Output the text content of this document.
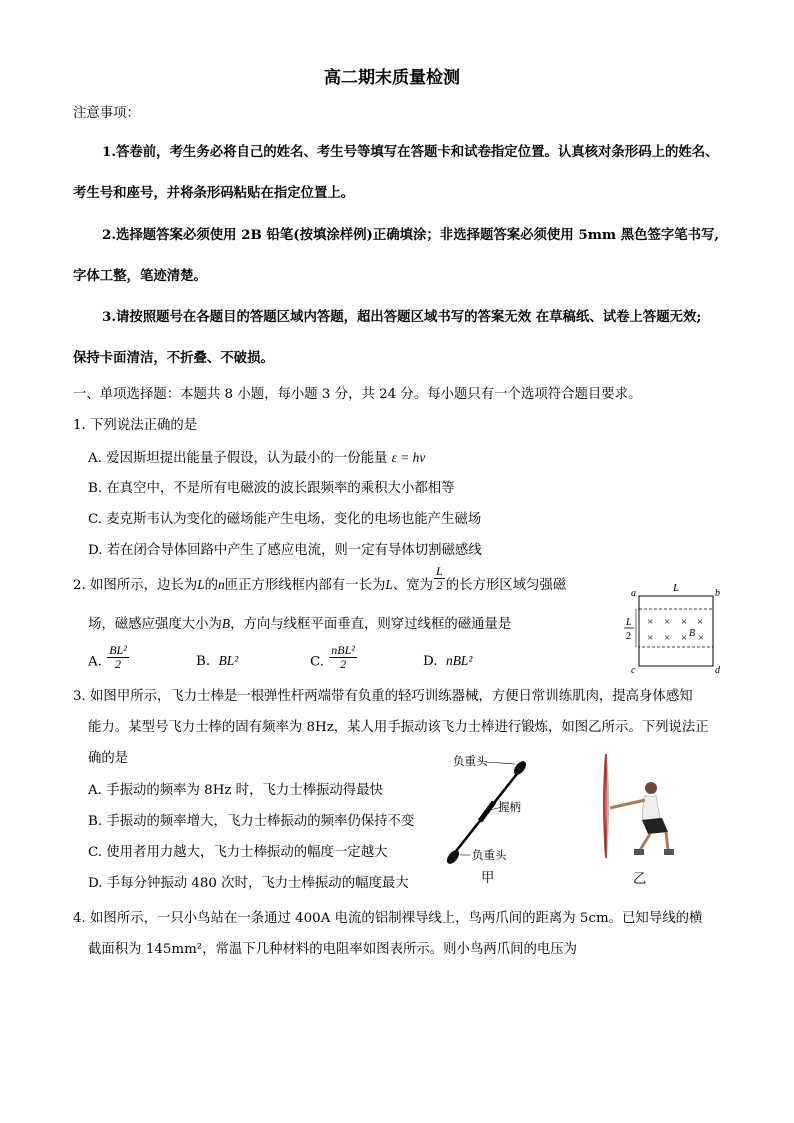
高二期末质量检测
注意事项：
1.答卷前，考生务必将自己的姓名、考生号等填写在答题卡和试卷指定位置。认真核对条形码上的姓名、
考生号和座号，并将条形码粘贴在指定位置上。
2.选择题答案必须使用 2B 铅笔(按填涂样例)正确填涂；非选择题答案必须使用 5mm 黑色签字笔书写,
字体工整，笔迹清楚。
3.请按照题号在各题目的答题区域内答题，超出答题区域书写的答案无效 在草稿纸、试卷上答题无效;
保持卡面清洁，不折叠、不破损。
一、单项选择题：本题共 8 小题，每小题 3 分，共 24 分。每小题只有一个选项符合题目要求。
1. 下列说法正确的是
A. 爱因斯坦提出能量子假设，认为最小的一份能量 ε = hν
B. 在真空中，不是所有电磁波的波长跟频率的乘积大小都相等
C. 麦克斯韦认为变化的磁场能产生电场，变化的电场也能产生磁场
D. 若在闭合导体回路中产生了感应电流，则一定有导体切割磁感线
2. 如图所示，边长为L的n匝正方形线框内部有一长为L、宽为 $\frac{L}{2}$ 的长方形区域匀强磁
场，磁感应强度大小为B，方向与线框平面垂直，则穿过线框的磁通量是
A. $\frac{\text{BL²}}{2}$	B. BL²	C. $\frac{\text{nBL²}}{2}$	D. nBL²
a	b
c	d
L
L
2
× × × ×
× × × ×
B
3. 如图甲所示，飞力士棒是一根弹性杆两端带有负重的轻巧训练器械，方便日常训练肌肉，提高身体感知
能力。某型号飞力士棒的固有频率为 8Hz，某人用手振动该飞力士棒进行锻炼，如图乙所示。下列说法正
确的是
A. 手振动的频率为 8Hz 时，飞力士棒振动得最快
B. 手振动的频率增大，飞力士棒振动的频率仍保持不变
C. 使用者用力越大，飞力士棒振动的幅度一定越大
D. 手每分钟振动 480 次时，飞力士棒振动的幅度最大
负重头
握柄
负重头
甲	乙
4. 如图所示，一只小鸟站在一条通过 400A 电流的铝制裸导线上，鸟两爪间的距离为 5cm。已知导线的横
截面积为 145mm²，常温下几种材料的电阻率如图表所示。则小鸟两爪间的电压为
